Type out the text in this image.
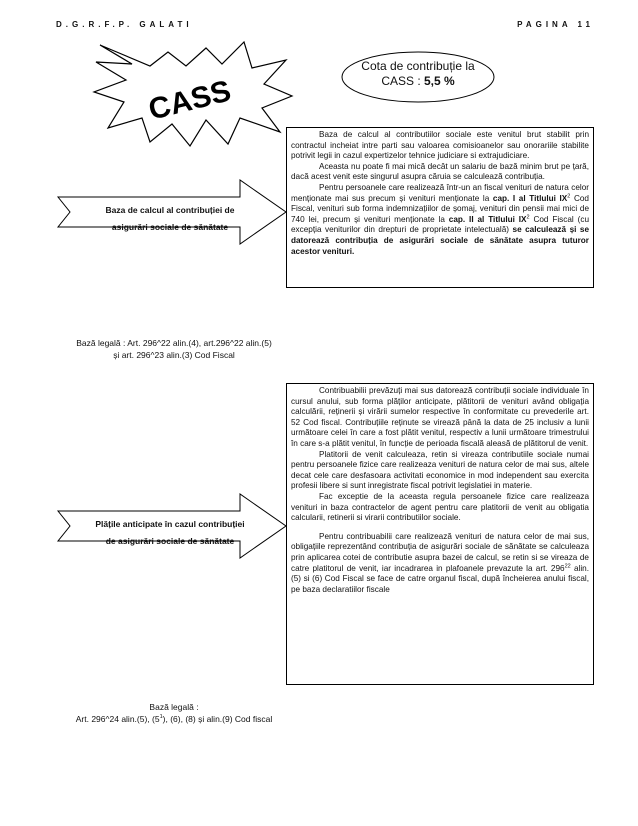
D.G.R.F.P. GALATI	PAGINA 11
CASS
Cota de contribuție la
CASS : 5,5 %
Baza de calcul al contribuției de
asigurări sociale de sănătate

Baza de calcul al contributiilor sociale este venitul brut stabilit prin contractul incheiat intre parti sau valoarea comisioanelor sau onorariile stabilite potrivit legii in cazul expertizelor tehnice judiciare si extrajudiciare.

Aceasta nu poate fi mai mică decât un salariu de bază minim brut pe țară, dacă acest venit este singurul asupra căruia se calculează contribuția.

Pentru persoanele care realizează într-un an fiscal venituri de natura celor menționate mai sus precum și venituri menționate la cap. I al Titlului $IX^2$ Cod Fiscal, venituri sub forma indemnizațiilor de șomaj, venituri din pensii mai mici de 740 lei, precum și venituri menționate la cap. II al Titlului $IX^2$ Cod Fiscal (cu excepția veniturilor din drepturi de proprietate intelectuală) se calculează și se datorează contribuția de asigurări sociale de sănătate asupra tuturor acestor venituri.

Bază legală : Art. 296^22 alin.(4), art.296^22 alin.(5)
și art. 296^23 alin.(3) Cod Fiscal
Plățile anticipate în cazul contribuției
de asigurări sociale de sănătate

Contribuabilii prevăzuți mai sus datorează contribuții sociale individuale în cursul anului, sub forma plăților anticipate, plătitorii de venituri având obligația calculării, reținerii și virării sumelor respective în conformitate cu prevederile art. 52 Cod fiscal. Contribuțiile reținute se virează până la data de 25 inclusiv a lunii următoare celei în care a fost plătit venitul, respectiv a lunii următoare trimestrului în care s-a plătit venitul, în funcție de perioada fiscală aleasă de plătitorul de venit.

Platitorii de venit calculeaza, retin si vireaza contributiile sociale numai pentru persoanele fizice care realizeaza venituri de natura celor de mai sus, altele decat cele care desfasoara activitati economice in mod independent sau exercita profesii libere si sunt inregistrate fiscal potrivit legislatiei in materie.

Fac exceptie de la aceasta regula persoanele fizice care realizeaza venituri in baza contractelor de agent pentru care platitorii de venit au obligatia calcularii, retinerii si virarii contributiilor sociale.

Pentru contribuabilii care realizează venituri de natura celor de mai sus, obligațiile reprezentând contribuția de asigurări sociale de sănătate se calculeaza prin aplicarea cotei de contributie asupra bazei de calcul, se retin si se vireaza de catre platitorul de venit, iar incadrarea in plafoanele prevazute la art. $296^{22}$ alin. (5) si (6) Cod Fiscal se face de catre organul fiscal, după încheierea anului fiscal, pe baza declaratiilor fiscale

Bază legală :
Art. 296^24 alin.(5), $(5^1)$, (6), (8) și alin.(9) Cod fiscal
